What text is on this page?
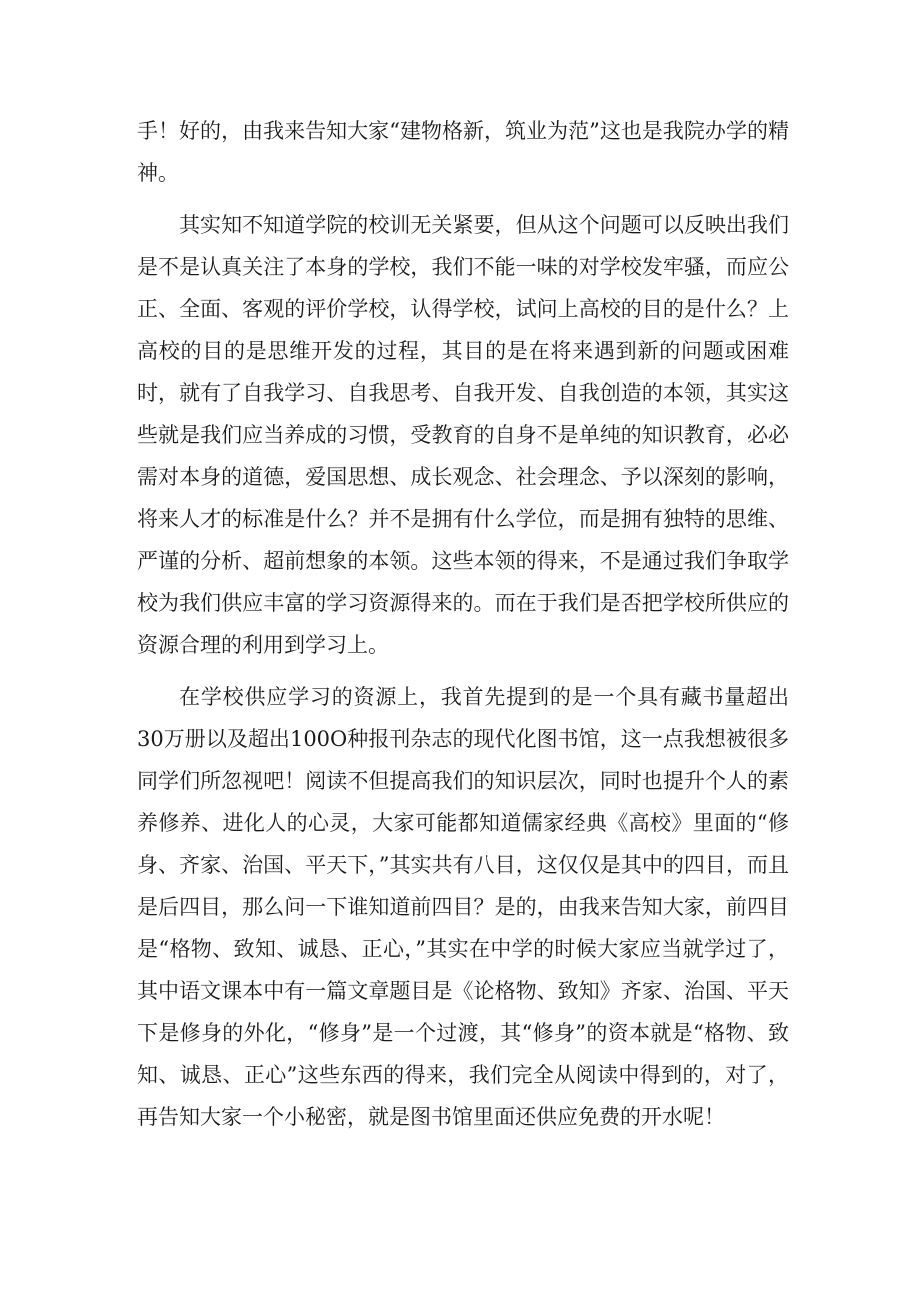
手！好的，由我来告知大家“建物格新，筑业为范”这也是我院办学的精神。

其实知不知道学院的校训无关紧要，但从这个问题可以反映出我们是不是认真关注了本身的学校，我们不能一味的对学校发牢骚，而应公正、全面、客观的评价学校，认得学校，试问上高校的目的是什么？上高校的目的是思维开发的过程，其目的是在将来遇到新的问题或困难时，就有了自我学习、自我思考、自我开发、自我创造的本领，其实这些就是我们应当养成的习惯，受教育的自身不是单纯的知识教育，必必需对本身的道德，爱国思想、成长观念、社会理念、予以深刻的影响，将来人才的标准是什么？并不是拥有什么学位，而是拥有独特的思维、严谨的分析、超前想象的本领。这些本领的得来，不是通过我们争取学校为我们供应丰富的学习资源得来的。而在于我们是否把学校所供应的资源合理的利用到学习上。

在学校供应学习的资源上，我首先提到的是一个具有藏书量超出30万册以及超出100O种报刊杂志的现代化图书馆，这一点我想被很多同学们所忽视吧！阅读不但提高我们的知识层次，同时也提升个人的素养修养、进化人的心灵，大家可能都知道儒家经典《高校》里面的“修身、齐家、治国、平天下，”其实共有八目，这仅仅是其中的四目，而且是后四目，那么问一下谁知道前四目？是的，由我来告知大家，前四目是“格物、致知、诚恳、正心，”其实在中学的时候大家应当就学过了，其中语文课本中有一篇文章题目是《论格物、致知》齐家、治国、平天下是修身的外化，“修身”是一个过渡，其“修身”的资本就是“格物、致知、诚恳、正心”这些东西的得来，我们完全从阅读中得到的，对了，再告知大家一个小秘密，就是图书馆里面还供应免费的开水呢！
